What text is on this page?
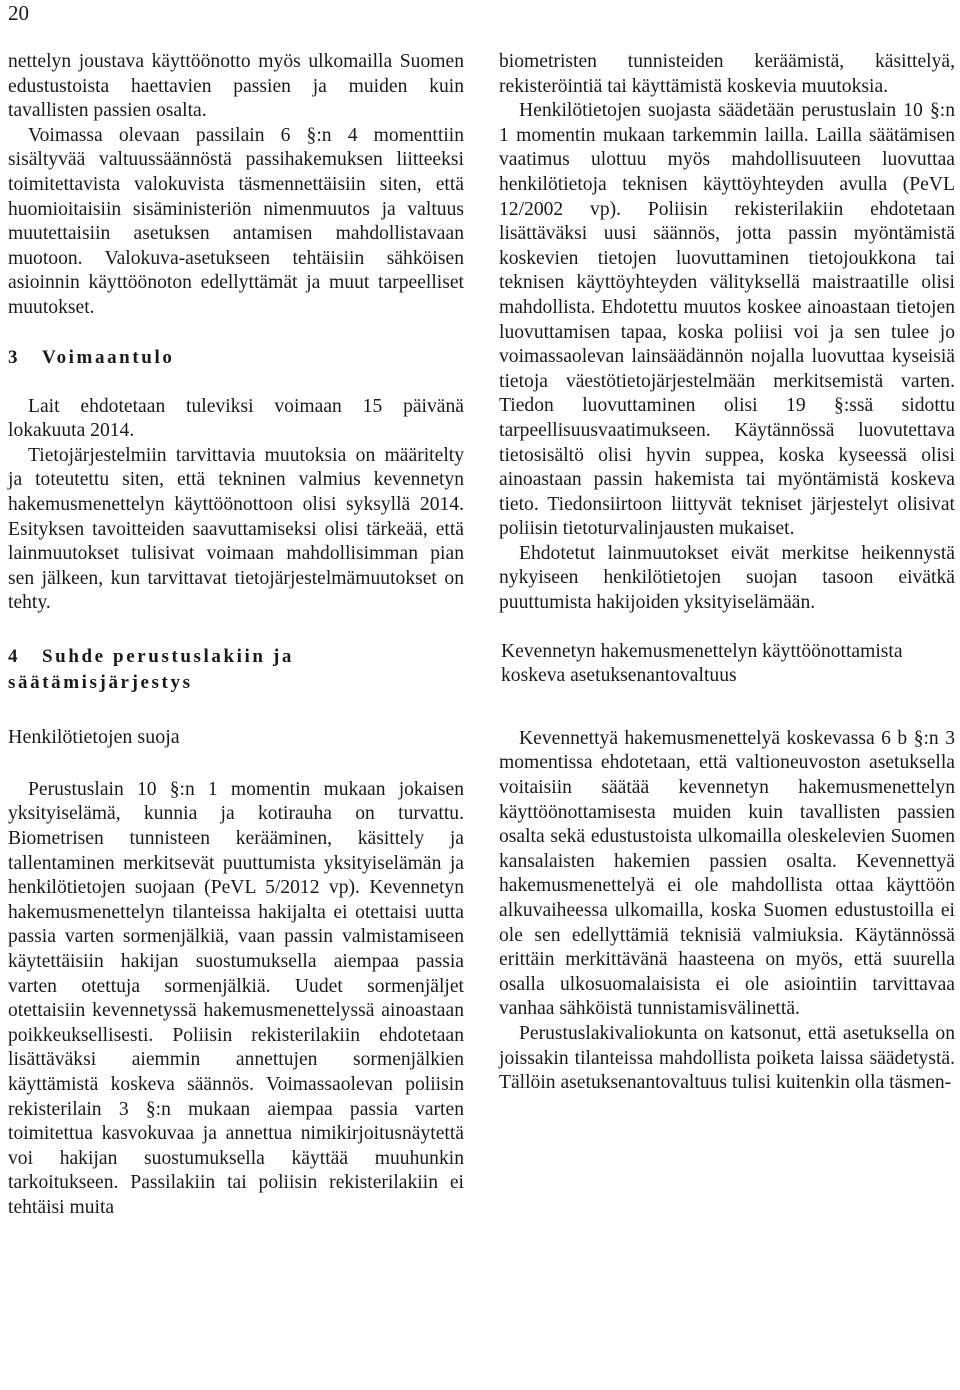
20

nettelyn joustava käyttöönotto myös ulkomailla Suomen edustustoista haettavien passien ja muiden kuin tavallisten passien osalta.

Voimassa olevaan passilain 6 §:n 4 momenttiin sisältyvää valtuussäännöstä passihakemuksen liitteeksi toimitettavista valokuvista täsmennettäisiin siten, että huomioitaisiin sisäministeriön nimenmuutos ja valtuus muutettaisiin asetuksen antamisen mahdollistavaan muotoon. Valokuva-asetukseen tehtäisiin sähköisen asioinnin käyttöönoton edellyttämät ja muut tarpeelliset muutokset.

3 Voimaantulo

Lait ehdotetaan tuleviksi voimaan 15 päivänä lokakuuta 2014.

Tietojärjestelmiin tarvittavia muutoksia on määritelty ja toteutettu siten, että tekninen valmius kevennetyn hakemusmenettelyn käyttöönottoon olisi syksyllä 2014. Esityksen tavoitteiden saavuttamiseksi olisi tärkeää, että lainmuutokset tulisivat voimaan mahdollisimman pian sen jälkeen, kun tarvittavat tietojärjestelmämuutokset on tehty.

4 Suhde perustuslakiin ja säätämisjärjestys
Henkilötietojen suoja

Perustuslain 10 §:n 1 momentin mukaan jokaisen yksityiselämä, kunnia ja kotirauha on turvattu. Biometrisen tunnisteen kerääminen, käsittely ja tallentaminen merkitsevät puuttumista yksityiselämän ja henkilötietojen suojaan (PeVL 5/2012 vp). Kevennetyn hakemusmenettelyn tilanteissa hakijalta ei otettaisi uutta passia varten sormenjälkiä, vaan passin valmistamiseen käytettäisiin hakijan suostumuksella aiempaa passia varten otettuja sormenjälkiä. Uudet sormenjäljet otettaisiin kevennetyssä hakemusmenettelyssä ainoastaan poikkeuksellisesti. Poliisin rekisterilakiin ehdotetaan lisättäväksi aiemmin annettujen sormenjälkien käyttämistä koskeva säännös. Voimassaolevan poliisin rekisterilain 3 §:n mukaan aiempaa passia varten toimitettua kasvokuvaa ja annettua nimikirjoitusnäytettä voi hakijan suostumuksella käyttää muuhunkin tarkoitukseen. Passilakiin tai poliisin rekisterilakiin ei tehtäisi muita

biometristen tunnisteiden keräämistä, käsittelyä, rekisteröintiä tai käyttämistä koskevia muutoksia.

Henkilötietojen suojasta säädetään perustuslain 10 §:n 1 momentin mukaan tarkemmin lailla. Lailla säätämisen vaatimus ulottuu myös mahdollisuuteen luovuttaa henkilötietoja teknisen käyttöyhteyden avulla (PeVL 12/2002 vp). Poliisin rekisterilakiin ehdotetaan lisättäväksi uusi säännös, jotta passin myöntämistä koskevien tietojen luovuttaminen tietojoukkona tai teknisen käyttöyhteyden välityksellä maistraatille olisi mahdollista. Ehdotettu muutos koskee ainoastaan tietojen luovuttamisen tapaa, koska poliisi voi ja sen tulee jo voimassaolevan lainsäädännön nojalla luovuttaa kyseisiä tietoja väestötietojärjestelmään merkitsemistä varten. Tiedon luovuttaminen olisi 19 §:ssä sidottu tarpeellisuusvaatimukseen. Käytännössä luovutettava tietosisältö olisi hyvin suppea, koska kyseessä olisi ainoastaan passin hakemista tai myöntämistä koskeva tieto. Tiedonsiirtoon liittyvät tekniset järjestelyt olisivat poliisin tietoturvalinjausten mukaiset.

Ehdotetut lainmuutokset eivät merkitse heikennystä nykyiseen henkilötietojen suojan tasoon eivätkä puuttumista hakijoiden yksityiselämään.

Kevennetyn hakemusmenettelyn käyttöönottamista koskeva asetuksenantovaltuus

Kevennettyä hakemusmenettelyä koskevassa 6 b §:n 3 momentissa ehdotetaan, että valtioneuvoston asetuksella voitaisiin säätää kevennetyn hakemusmenettelyn käyttöönottamisesta muiden kuin tavallisten passien osalta sekä edustustoista ulkomailla oleskelevien Suomen kansalaisten hakemien passien osalta. Kevennettyä hakemusmenettelyä ei ole mahdollista ottaa käyttöön alkuvaiheessa ulkomailla, koska Suomen edustustoilla ei ole sen edellyttämiä teknisiä valmiuksia. Käytännössä erittäin merkittävänä haasteena on myös, että suurella osalla ulkosuomalaisista ei ole asiointiin tarvittavaa vanhaa sähköistä tunnistamisvälinettä.

Perustuslakivaliokunta on katsonut, että asetuksella on joissakin tilanteissa mahdollista poiketa laissa säädetystä. Tällöin asetuksenantovaltuus tulisi kuitenkin olla täsmen-
